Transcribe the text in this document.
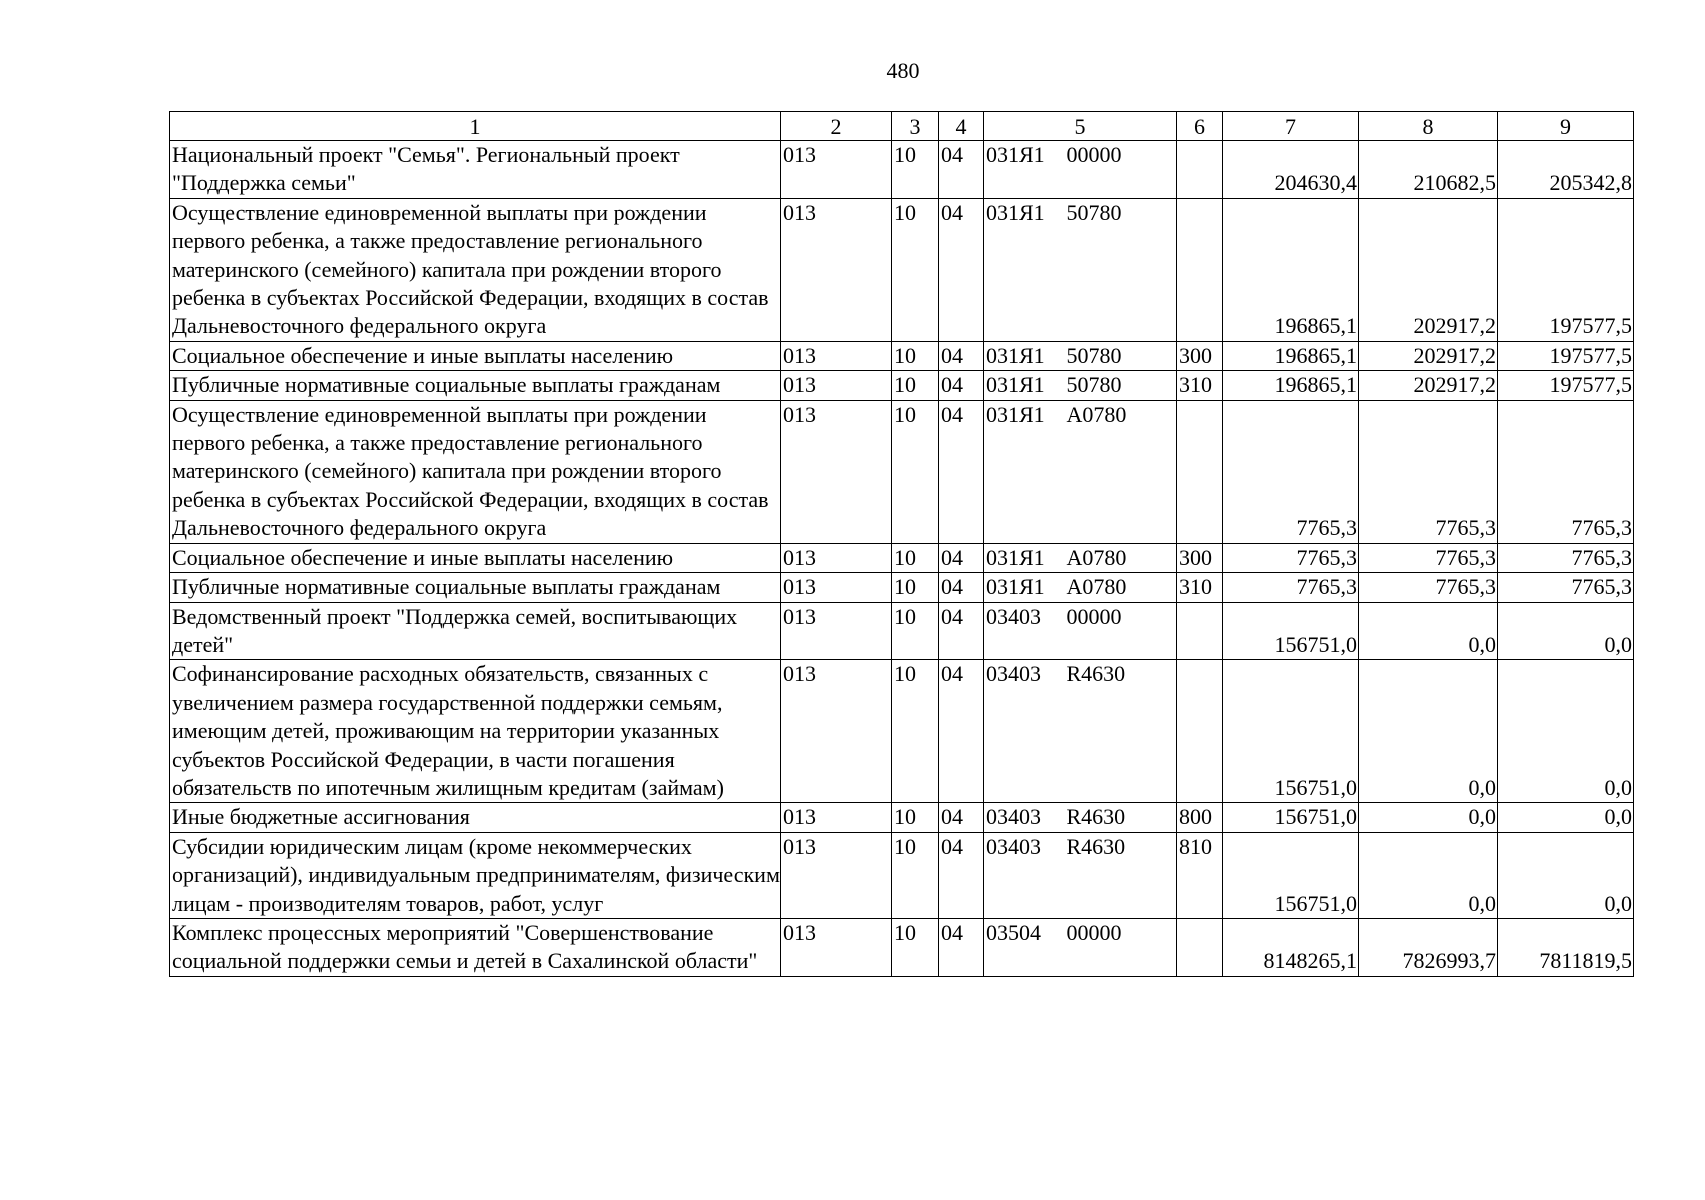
480
1	2	3	4	5		6	7	8	9
Национальный проект "Семья". Региональный проект "Поддержка семьи"	013	10	04	031Я1	00000		204630,4	210682,5	205342,8
Осуществление единовременной выплаты при рождении первого ребенка, а также предоставление регионального материнского (семейного) капитала при рождении второго ребенка в субъектах Российской Федерации, входящих в состав Дальневосточного федерального округа	013	10	04	031Я1	50780		196865,1	202917,2	197577,5
Социальное обеспечение и иные выплаты населению	013	10	04	031Я1	50780	300	196865,1	202917,2	197577,5
Публичные нормативные социальные выплаты гражданам	013	10	04	031Я1	50780	310	196865,1	202917,2	197577,5
Осуществление единовременной выплаты при рождении первого ребенка, а также предоставление регионального материнского (семейного) капитала при рождении второго ребенка в субъектах Российской Федерации, входящих в состав Дальневосточного федерального округа	013	10	04	031Я1	А0780		7765,3	7765,3	7765,3
Социальное обеспечение и иные выплаты населению	013	10	04	031Я1	А0780	300	7765,3	7765,3	7765,3
Публичные нормативные социальные выплаты гражданам	013	10	04	031Я1	А0780	310	7765,3	7765,3	7765,3
Ведомственный проект "Поддержка семей, воспитывающих детей"	013	10	04	03403	00000		156751,0	0,0	0,0
Софинансирование расходных обязательств, связанных с увеличением размера государственной поддержки семьям, имеющим детей, проживающим на территории указанных субъектов Российской Федерации, в части погашения обязательств по ипотечным жилищным кредитам (займам)	013	10	04	03403	R4630		156751,0	0,0	0,0
Иные бюджетные ассигнования	013	10	04	03403	R4630	800	156751,0	0,0	0,0
Субсидии юридическим лицам (кроме некоммерческих организаций), индивидуальным предпринимателям, физическим лицам - производителям товаров, работ, услуг	013	10	04	03403	R4630	810	156751,0	0,0	0,0
Комплекс процессных мероприятий "Совершенствование социальной поддержки семьи и детей в Сахалинской области"	013	10	04	03504	00000		8148265,1	7826993,7	7811819,5
